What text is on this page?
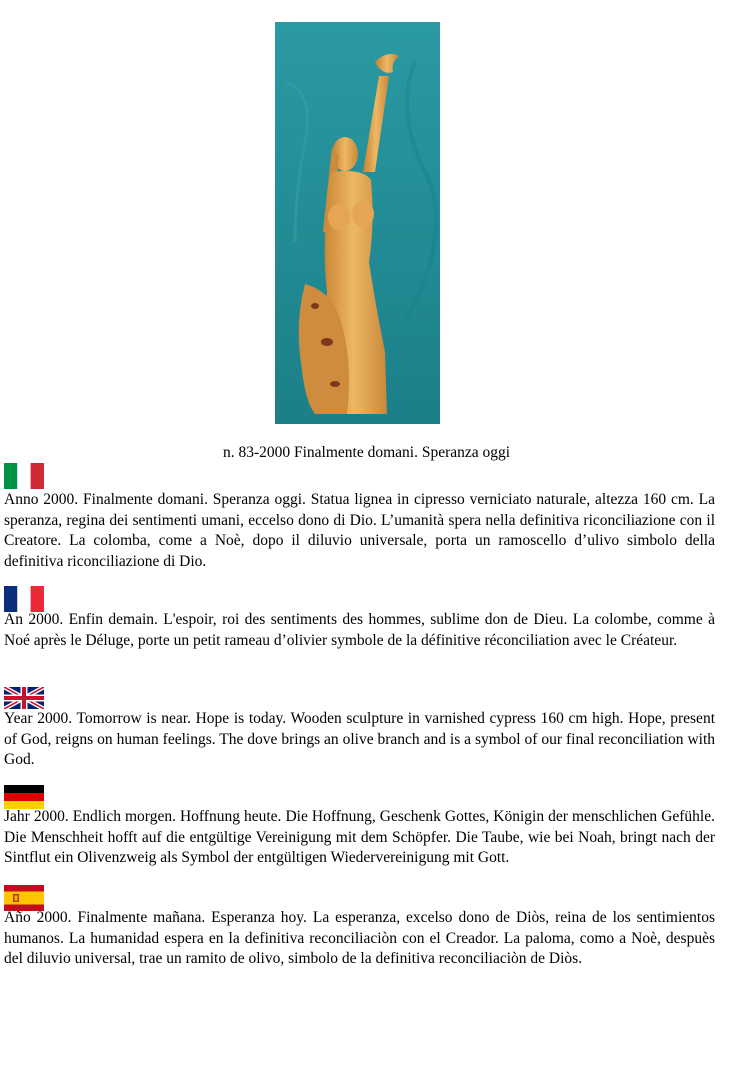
n. 83-2000 Finalmente domani. Speranza oggi

Anno 2000. Finalmente domani. Speranza oggi. Statua lignea in cipresso verniciato naturale, altezza 160 cm. La speranza, regina dei sentimenti umani, eccelso dono di Dio. L’umanità spera nella definitiva riconciliazione con il Creatore. La colomba, come a Noè, dopo il diluvio universale, porta un ramoscello d’ulivo simbolo della definitiva riconciliazione di Dio.

An 2000. Enfin demain. L'espoir, roi des sentiments des hommes, sublime don de Dieu. La colombe, comme à Noé après le Déluge, porte un petit rameau d’olivier symbole de la définitive réconciliation avec le Créateur.

Year 2000. Tomorrow is near. Hope is today. Wooden sculpture in varnished cypress 160 cm high. Hope, present of God, reigns on human feelings. The dove brings an olive branch and is a symbol of our final reconciliation with God.

Jahr 2000. Endlich morgen. Hoffnung heute. Die Hoffnung, Geschenk Gottes, Königin der menschlichen Gefühle. Die Menschheit hofft auf die entgültige Vereinigung mit dem Schöpfer. Die Taube, wie bei Noah, bringt nach der Sintflut ein Olivenzweig als Symbol der entgültigen Wiedervereinigung mit Gott.

Año 2000. Finalmente mañana. Esperanza hoy. La esperanza, excelso dono de Diòs, reina de los sentimientos humanos. La humanidad espera en la definitiva reconciliaciòn con el Creador. La paloma, como a Noè, despuès del diluvio universal, trae un ramito de olivo, simbolo de la definitiva reconciliaciòn de Diòs.
